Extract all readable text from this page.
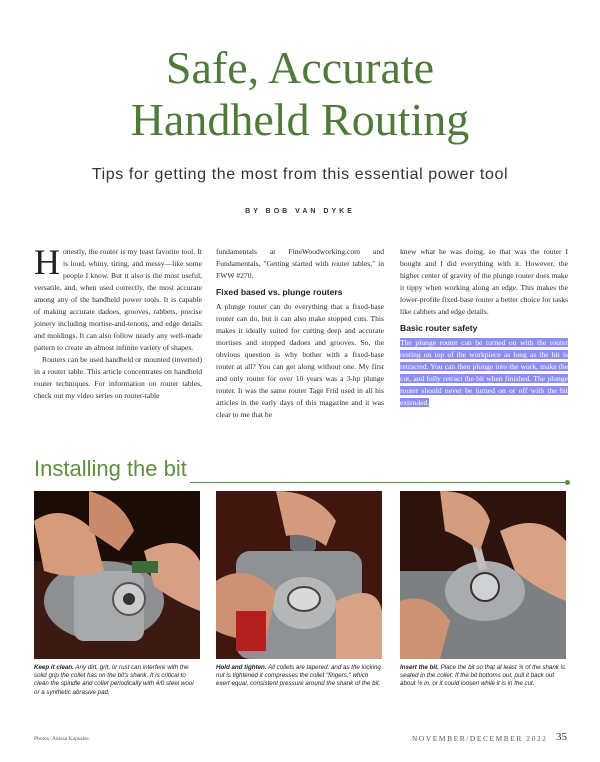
Safe, Accurate
Handheld Routing
Tips for getting the most from this essential power tool
BY BOB VAN DYKE

Honestly, the router is my least favorite tool. It is loud, whiny, tiring, and messy—like some people I know. But it also is the most useful, versatile, and, when used correctly, the most accurate among any of the handheld power tools. It is capable of making accurate dadoes, grooves, rabbets, precise joinery including mortise-and-tenons, and edge details and moldings. It can also follow nearly any well-made pattern to create an almost infinite variety of shapes.

Routers can be used handheld or mounted (inverted) in a router table. This article concentrates on handheld router techniques. For information on router tables, check out my video series on router-table

fundamentals at FineWoodworking.com and Fundamentals, "Getting started with router tables," in FWW #270.

Fixed based vs. plunge routers

A plunge router can do everything that a fixed-base router can do, but it can also make stopped cuts. This makes it ideally suited for cutting deep and accurate mortises and stopped dadoes and grooves. So, the obvious question is why bother with a fixed-base router at all? You can get along without one. My first and only router for over 10 years was a 3-hp plunge router. It was the same router Tage Frid used in all his articles in the early days of this magazine and it was clear to me that he

knew what he was doing, so that was the router I bought and I did everything with it. However, the higher center of gravity of the plunge router does make it tippy when working along an edge. This makes the lower-profile fixed-base router a better choice for tasks like cabbets and edge details.

Basic router safety

The plunge router can be turned on with the router resting on top of the workpiece as long as the bit is retracted. You can then plunge into the work, make the cut, and fully retract the bit when finished. The plunge router should never be turned on or off with the bit extended.

Installing the bit
Keep it clean. Any dirt, grit, or rust can interfere with the solid grip the collet has on the bit's shank. It is critical to clean the spindle and collet periodically with 4/0 steel wool or a synthetic abrasive pad.
Hold and tighten. All collets are tapered, and as the locking nut is tightened it compresses the collet "fingers," which exert equal, consistent pressure around the shank of the bit.
Insert the bit. Place the bit so that at least ¾ of the shank is seated in the collet. If the bit bottoms out, pull it back out about ⅛ in. or it could loosen while it is in the cut.
Photos: Anissa Kapsales	NOVEMBER/DECEMBER 2022 35
